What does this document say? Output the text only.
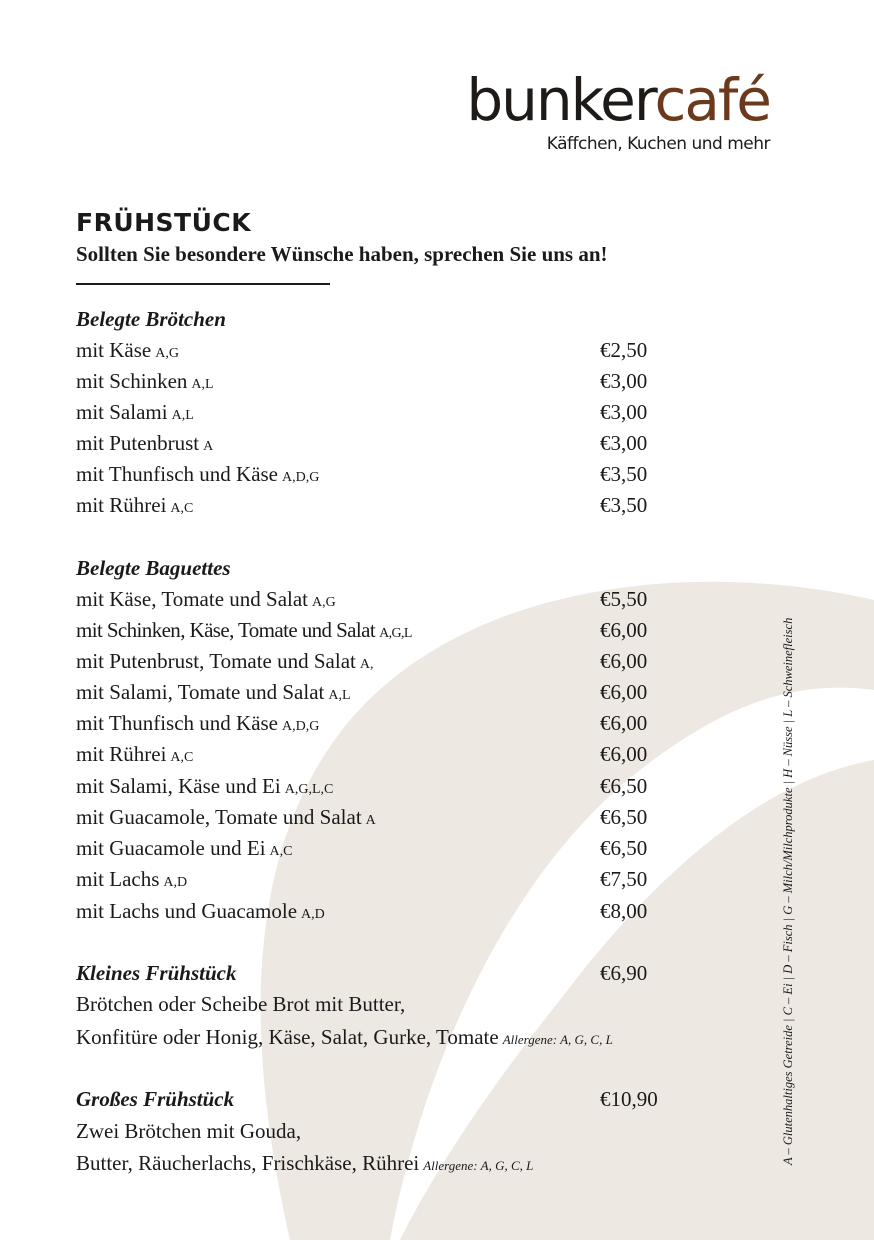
bunkercafé
Käffchen, Kuchen und mehr
FRÜHSTÜCK
Sollten Sie besondere Wünsche haben, sprechen Sie uns an!
Belegte Brötchen
mit Käse A,G	€2,50
mit Schinken A,L	€3,00
mit Salami A,L	€3,00
mit Putenbrust A	€3,00
mit Thunfisch und Käse A,D,G	€3,50
mit Rührei A,C	€3,50
Belegte Baguettes
mit Käse, Tomate und Salat A,G	€5,50
mit Schinken, Käse, Tomate und Salat A,G,L	€6,00
mit Putenbrust, Tomate und Salat A,	€6,00
mit Salami, Tomate und Salat A,L	€6,00
mit Thunfisch und Käse A,D,G	€6,00
mit Rührei A,C	€6,00
mit Salami, Käse und Ei A,G,L,C	€6,50
mit Guacamole, Tomate und Salat A	€6,50
mit Guacamole und Ei A,C	€6,50
mit Lachs A,D	€7,50
mit Lachs und Guacamole A,D	€8,00
Kleines Frühstück	€6,90
Brötchen oder Scheibe Brot mit Butter,
Konfitüre oder Honig, Käse, Salat, Gurke, Tomate Allergene: A, G, C, L
Großes Frühstück	€10,90
Zwei Brötchen mit Gouda,
Butter, Räucherlachs, Frischkäse, Rührei Allergene: A, G, C, L
A – Glutenhaltiges Getreide | C – Ei | D – Fisch | G – Milch/Milchprodukte | H – Nüsse | L – Schweinefleisch
